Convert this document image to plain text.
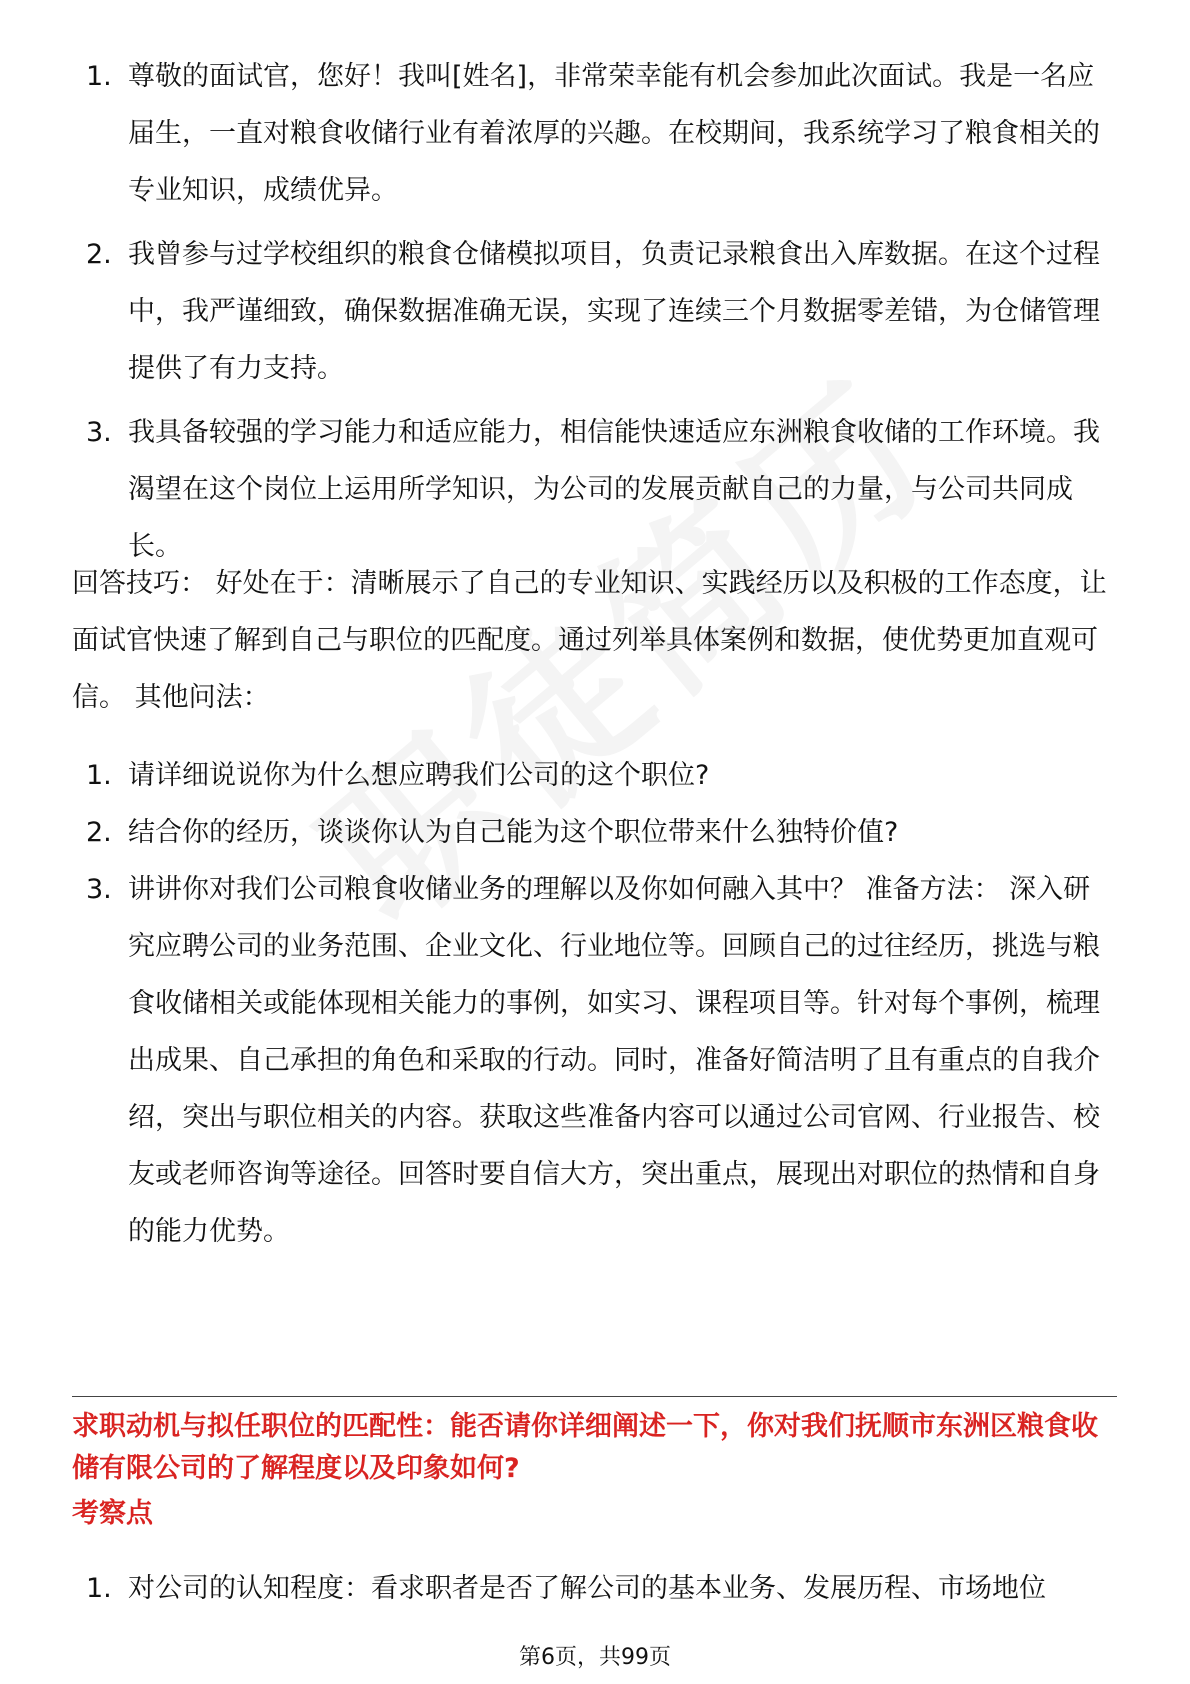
1. 尊敬的面试官，您好！我叫[姓名]，非常荣幸能有机会参加此次面试。我是一名应届生，一直对粮食收储行业有着浓厚的兴趣。在校期间，我系统学习了粮食相关的专业知识，成绩优异。
2. 我曾参与过学校组织的粮食仓储模拟项目，负责记录粮食出入库数据。在这个过程中，我严谨细致，确保数据准确无误，实现了连续三个月数据零差错，为仓储管理提供了有力支持。
3. 我具备较强的学习能力和适应能力，相信能快速适应东洲粮食收储的工作环境。我渴望在这个岗位上运用所学知识，为公司的发展贡献自己的力量，与公司共同成长。

回答技巧： 好处在于：清晰展示了自己的专业知识、实践经历以及积极的工作态度，让面试官快速了解到自己与职位的匹配度。通过列举具体案例和数据，使优势更加直观可信。 其他问法：

1. 请详细说说你为什么想应聘我们公司的这个职位?
2. 结合你的经历，谈谈你认为自己能为这个职位带来什么独特价值?
3. 讲讲你对我们公司粮食收储业务的理解以及你如何融入其中？ 准备方法： 深入研究应聘公司的业务范围、企业文化、行业地位等。回顾自己的过往经历，挑选与粮食收储相关或能体现相关能力的事例，如实习、课程项目等。针对每个事例，梳理出成果、自己承担的角色和采取的行动。同时，准备好简洁明了且有重点的自我介绍，突出与职位相关的内容。获取这些准备内容可以通过公司官网、行业报告、校友或老师咨询等途径。回答时要自信大方，突出重点，展现出对职位的热情和自身的能力优势。
求职动机与拟任职位的匹配性：能否请你详细阐述一下，你对我们抚顺市东洲区粮食收储有限公司的了解程度以及印象如何?
考察点
1. 对公司的认知程度：看求职者是否了解公司的基本业务、发展历程、市场地位
第6页，共99页
